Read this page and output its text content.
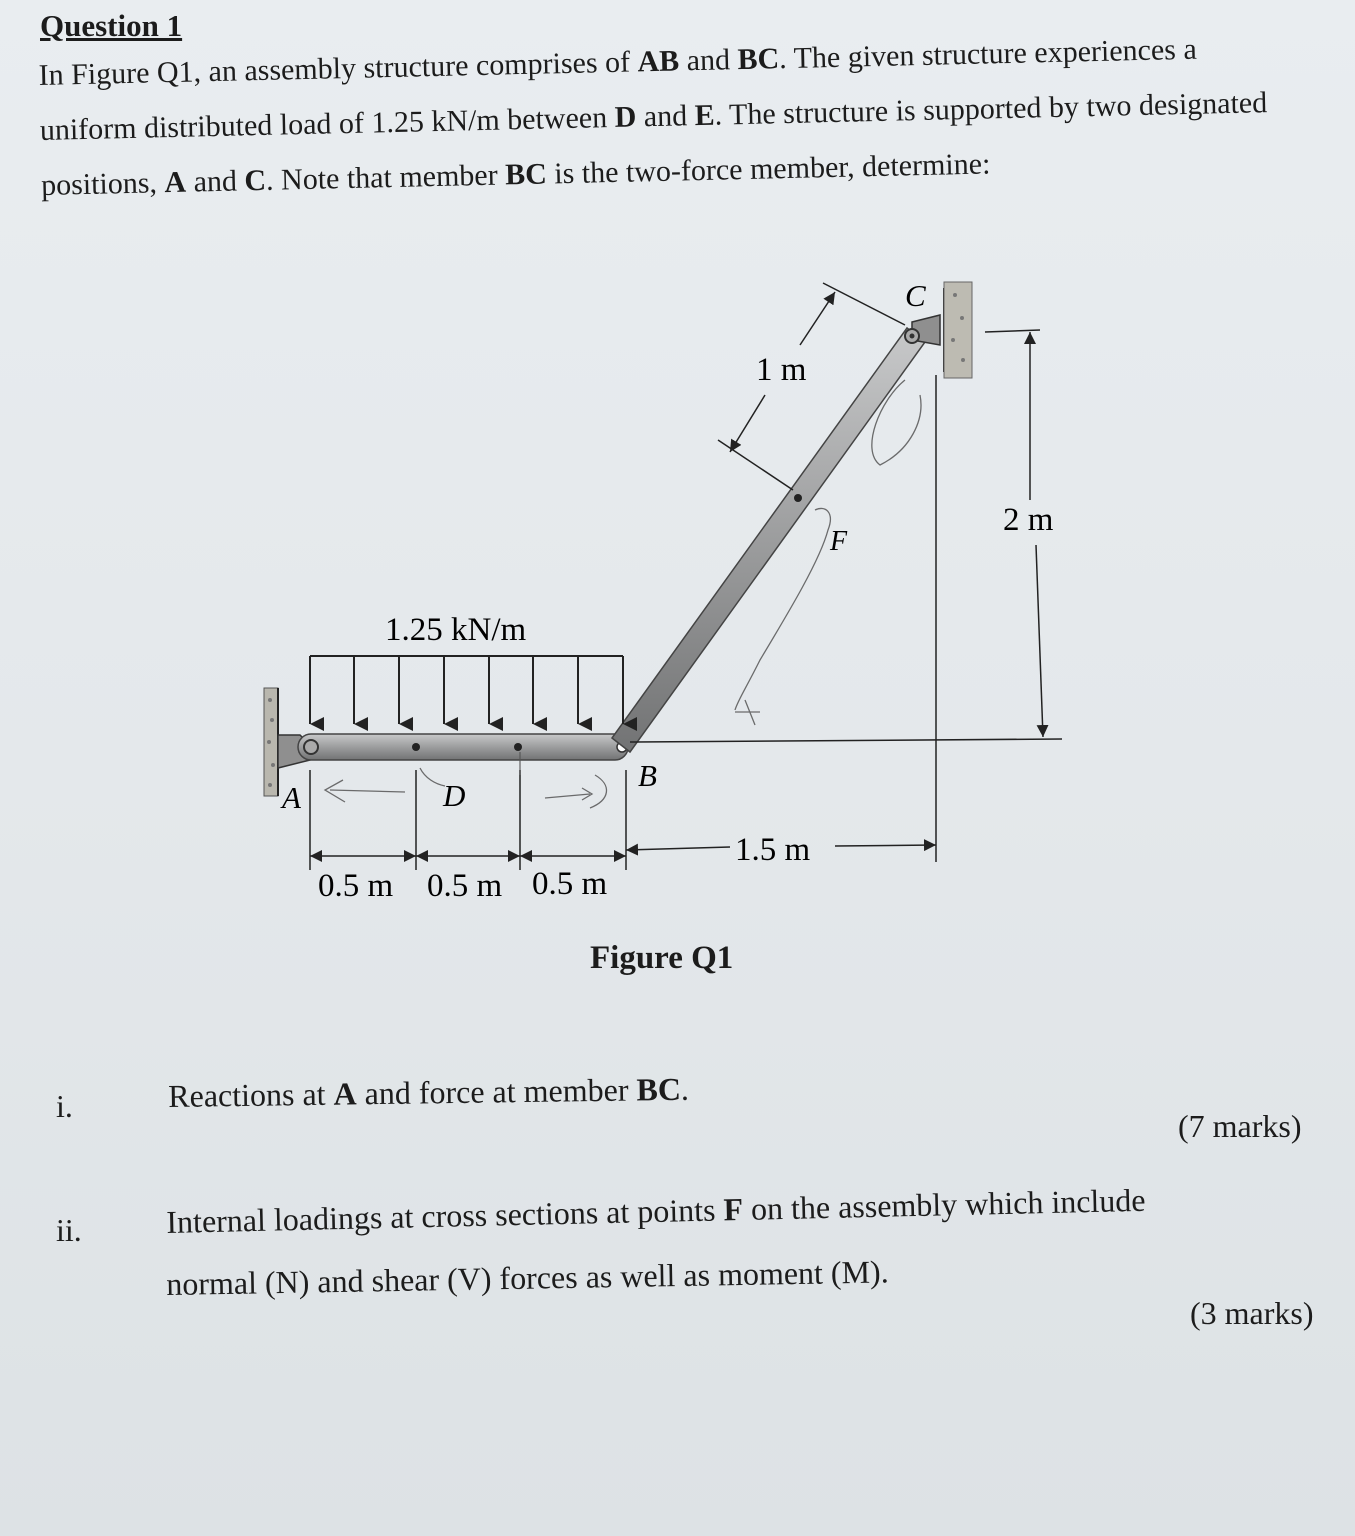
Question 1
In Figure Q1, an assembly structure comprises of AB and BC. The given structure experiences a uniform distributed load of 1.25 kN/m between D and E. The structure is supported by two designated positions, A and C. Note that member BC is the two-force member, determine:
1.25 kN/m
A
B
C
D
F
1 m
2 m
1.5 m
0.5 m 0.5 m 0.5 m
Figure Q1
i.	Reactions at A and force at member BC.
(7 marks)
ii.	Internal loadings at cross sections at points F on the assembly which include
normal (N) and shear (V) forces as well as moment (M).
(3 marks)
